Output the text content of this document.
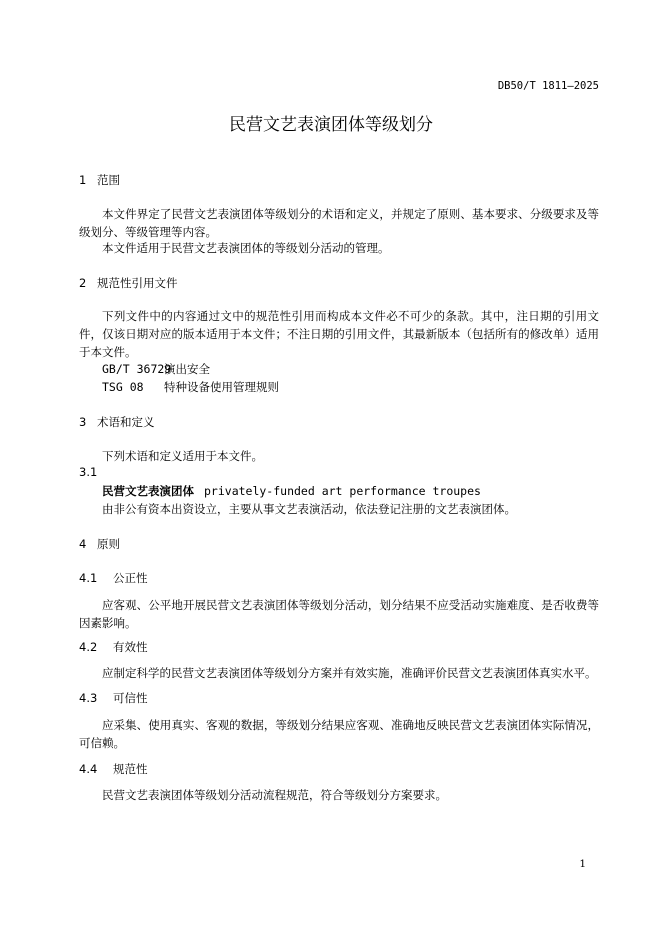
DB50/T 1811—2025
民营文艺表演团体等级划分
1 范围
本文件界定了民营文艺表演团体等级划分的术语和定义，并规定了原则、基本要求、分级要求及等级划分、等级管理等内容。
本文件适用于民营文艺表演团体的等级划分活动的管理。
2 规范性引用文件
下列文件中的内容通过文中的规范性引用而构成本文件必不可少的条款。其中，注日期的引用文件，仅该日期对应的版本适用于本文件；不注日期的引用文件，其最新版本（包括所有的修改单）适用于本文件。
GB/T 36729演出安全
TSG 08 特种设备使用管理规则
3 术语和定义
下列术语和定义适用于本文件。
3.1
民营文艺表演团体 privately-funded art performance troupes
由非公有资本出资设立，主要从事文艺表演活动，依法登记注册的文艺表演团体。
4 原则
4.1 公正性
应客观、公平地开展民营文艺表演团体等级划分活动，划分结果不应受活动实施难度、是否收费等因素影响。
4.2 有效性
应制定科学的民营文艺表演团体等级划分方案并有效实施，准确评价民营文艺表演团体真实水平。
4.3 可信性
应采集、使用真实、客观的数据，等级划分结果应客观、准确地反映民营文艺表演团体实际情况，可信赖。
4.4 规范性
民营文艺表演团体等级划分活动流程规范，符合等级划分方案要求。
1
